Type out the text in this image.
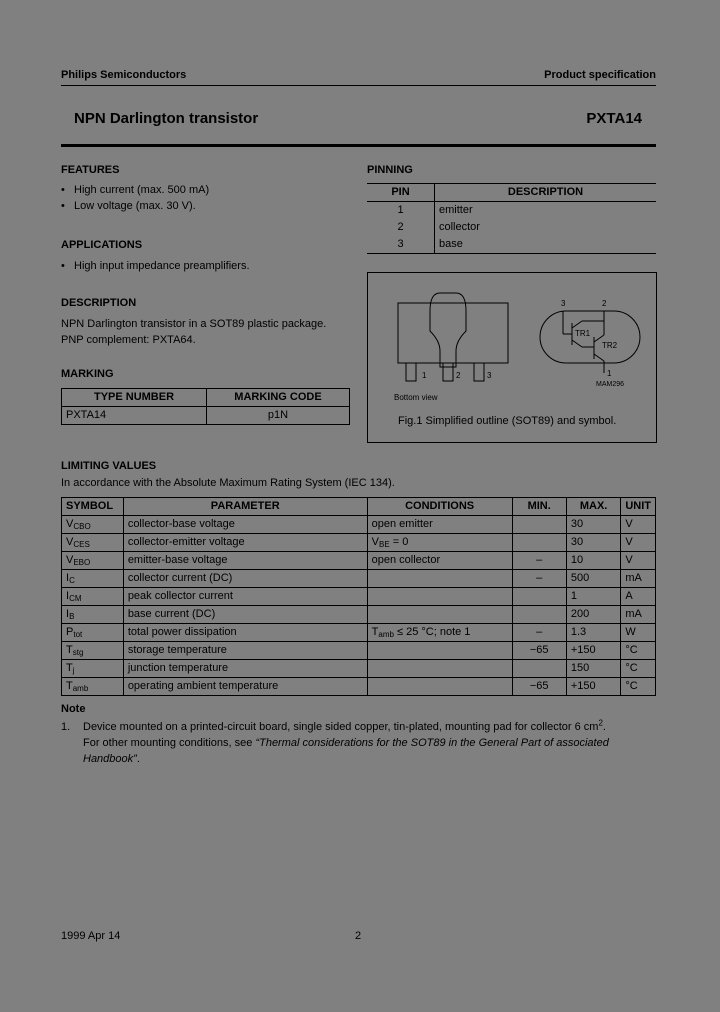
Philips Semiconductors	Product specification
NPN Darlington transistor	PXTA14
FEATURES
•   High current (max. 500 mA)
•   Low voltage (max. 30 V).
APPLICATIONS
•   High input impedance preamplifiers.
DESCRIPTION
NPN Darlington transistor in a SOT89 plastic package.
PNP complement: PXTA64.
MARKING
TYPE NUMBER	MARKING CODE
PXTA14	p1N
PINNING
PIN	DESCRIPTION
1	emitter
2	collector
3	base
1	2	3
Bottom view
3	2
1
TR1
TR2
MAM296
Fig.1 Simplified outline (SOT89) and symbol.
LIMITING VALUES
In accordance with the Absolute Maximum Rating System (IEC 134).
SYMBOL	PARAMETER	CONDITIONS	MIN.	MAX.	UNIT
$V_{CBO}$	collector-base voltage	open emitter		30	V
$V_{CES}$	collector-emitter voltage	$V_{BE} = 0$		30	V
$V_{EBO}$	emitter-base voltage	open collector	–	10	V
$I_C$	collector current (DC)		–	500	mA
$I_{CM}$	peak collector current			1	A
$I_B$	base current (DC)			200	mA
$P_{tot}$	total power dissipation	$T_{amb} \le 25$ °C; note 1	–	1.3	W
$T_{stg}$	storage temperature		−65	+150	°C
$T_j$	junction temperature			150	°C
$T_{amb}$	operating ambient temperature		−65	+150	°C
Note
1. Device mounted on a printed-circuit board, single sided copper, tin-plated, mounting pad for collector 6 $cm^2$.
For other mounting conditions, see “Thermal considerations for the SOT89 in the General Part of associated
Handbook”.
1999 Apr 14	2
